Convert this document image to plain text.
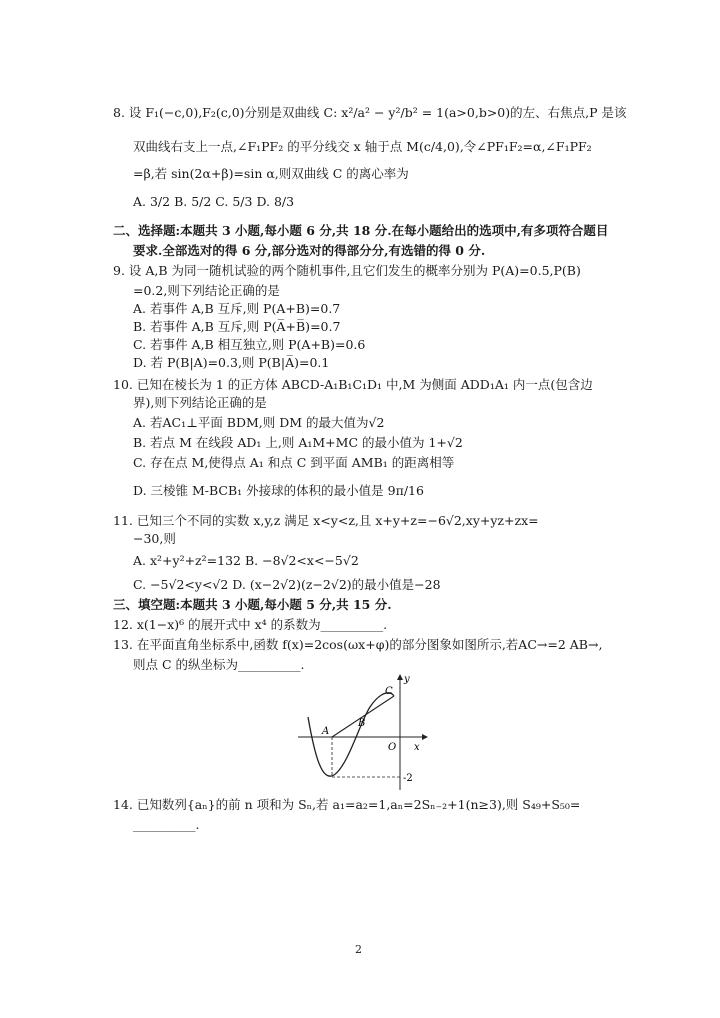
8. 设 F₁(−c,0),F₂(c,0)分别是双曲线 C: x²/a² − y²/b² = 1(a>0,b>0)的左、右焦点,P 是该
双曲线右支上一点,∠F₁PF₂ 的平分线交 x 轴于点 M(c/4,0),令∠PF₁F₂=α,∠F₁PF₂
=β,若 sin(2α+β)=sin α,则双曲线 C 的离心率为
A. 3/2 B. 5/2 C. 5/3 D. 8/3
二、选择题:本题共 3 小题,每小题 6 分,共 18 分.在每小题给出的选项中,有多项符合题目
要求.全部选对的得 6 分,部分选对的得部分分,有选错的得 0 分.
9. 设 A,B 为同一随机试验的两个随机事件,且它们发生的概率分别为 P(A)=0.5,P(B)
=0.2,则下列结论正确的是
A. 若事件 A,B 互斥,则 P(A+B)=0.7
B. 若事件 A,B 互斥,则 P(A̅+B̅)=0.7
C. 若事件 A,B 相互独立,则 P(A+B)=0.6
D. 若 P(B|A)=0.3,则 P(B|A̅)=0.1
10. 已知在棱长为 1 的正方体 ABCD-A₁B₁C₁D₁ 中,M 为侧面 ADD₁A₁ 内一点(包含边
界),则下列结论正确的是
A. 若AC₁⊥平面 BDM,则 DM 的最大值为√2
B. 若点 M 在线段 AD₁ 上,则 A₁M+MC 的最小值为 1+√2
C. 存在点 M,使得点 A₁ 和点 C 到平面 AMB₁ 的距离相等
D. 三棱锥 M-BCB₁ 外接球的体积的最小值是 9π/16
11. 已知三个不同的实数 x,y,z 满足 x<y<z,且 x+y+z=−6√2,xy+yz+zx=
−30,则
A. x²+y²+z²=132 B. −8√2<x<−5√2
C. −5√2<y<√2 D. (x−2√2)(z−2√2)的最小值是−28
三、填空题:本题共 3 小题,每小题 5 分,共 15 分.
12. x(1−x)⁶ 的展开式中 x⁴ 的系数为__________.
13. 在平面直角坐标系中,函数 f(x)=2cos(ωx+φ)的部分图象如图所示,若AC→=2 AB→,
则点 C 的纵坐标为__________.
A
B
C
O x
y
-2
14. 已知数列{aₙ}的前 n 项和为 Sₙ,若 a₁=a₂=1,aₙ=2Sₙ₋₂+1(n≥3),则 S₄₉+S₅₀=
__________.
2
